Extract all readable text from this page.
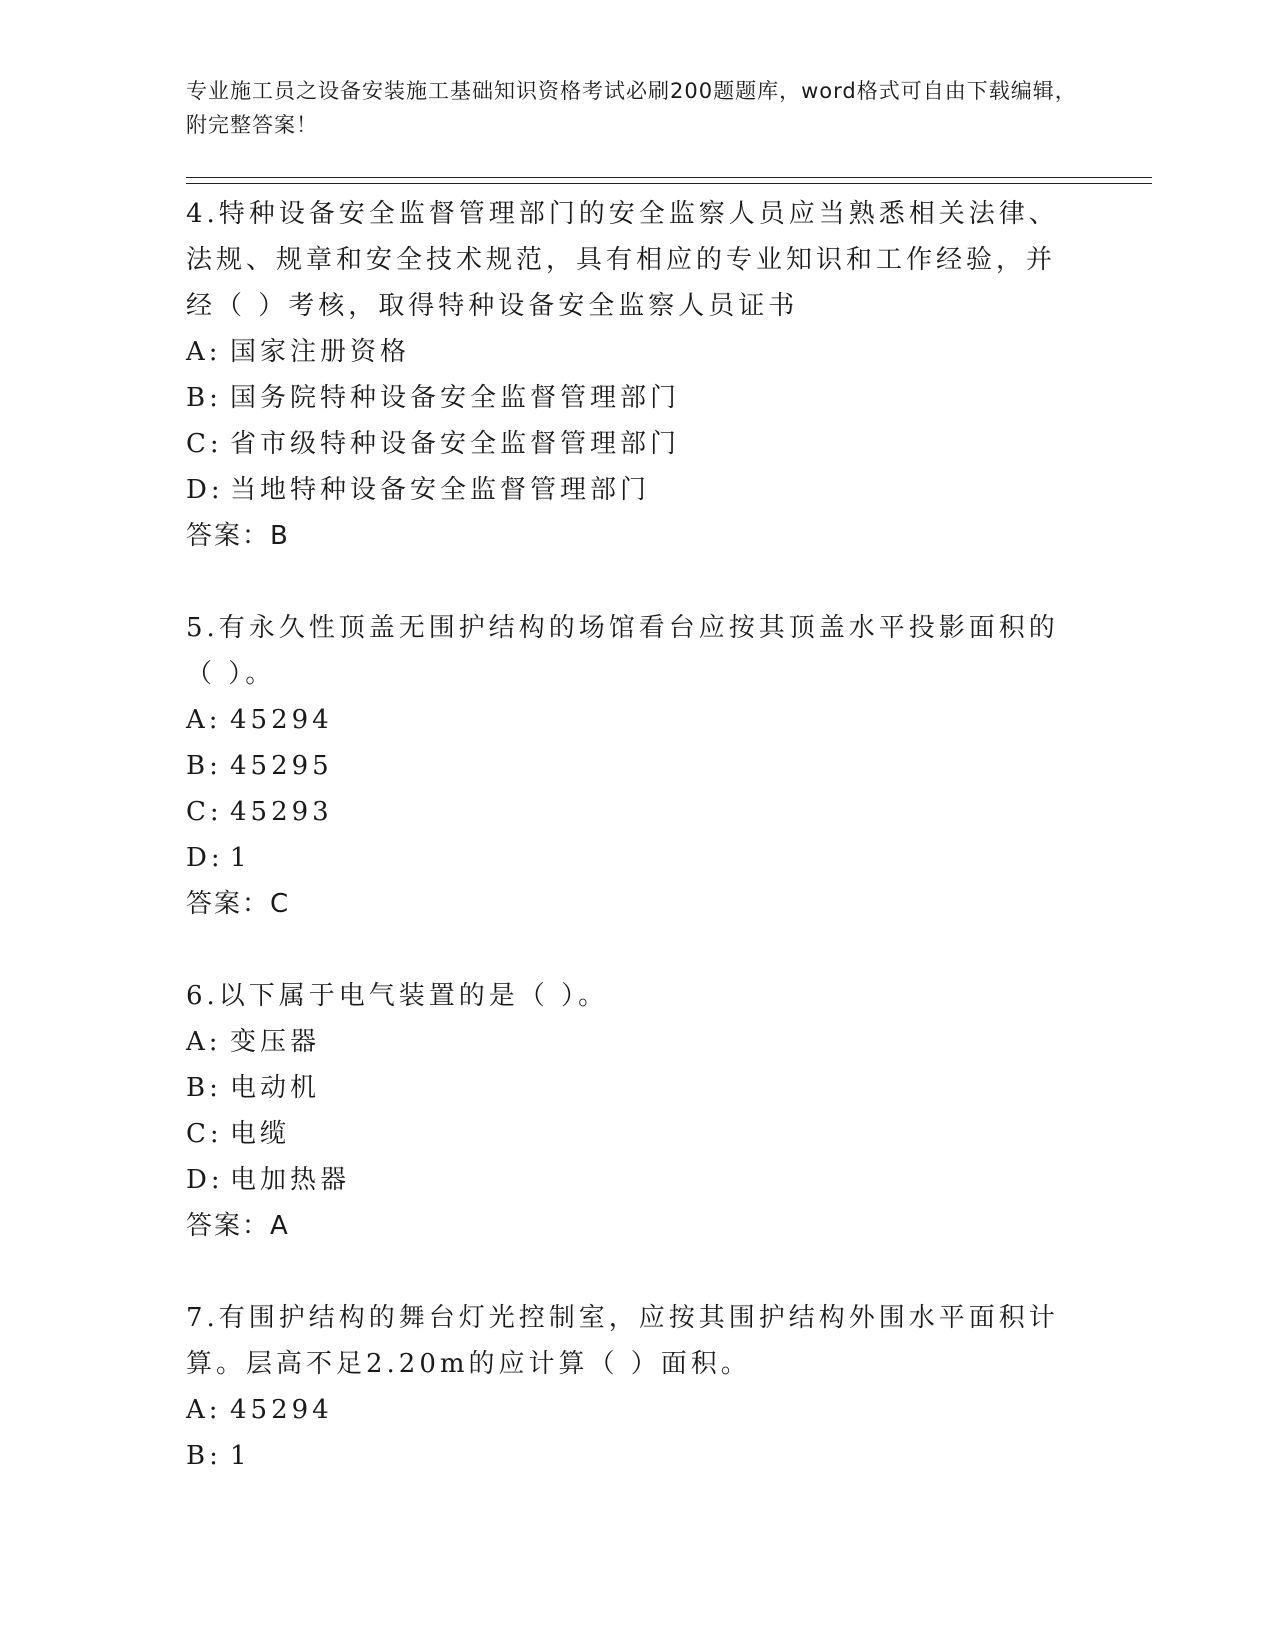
专业施工员之设备安装施工基础知识资格考试必刷200题题库，word格式可自由下载编辑，附完整答案！

4.特种设备安全监督管理部门的安全监察人员应当熟悉相关法律、法规、规章和安全技术规范，具有相应的专业知识和工作经验，并经（ ）考核，取得特种设备安全监察人员证书

A: 国家注册资格

B: 国务院特种设备安全监督管理部门

C: 省市级特种设备安全监督管理部门

D: 当地特种设备安全监督管理部门

答案：B

5.有永久性顶盖无围护结构的场馆看台应按其顶盖水平投影面积的（ ）。

A: 45294

B: 45295

C: 45293

D: 1

答案：C

6.以下属于电气装置的是（ ）。

A: 变压器

B: 电动机

C: 电缆

D: 电加热器

答案：A

7.有围护结构的舞台灯光控制室，应按其围护结构外围水平面积计算。层高不足2.20m的应计算（ ）面积。

A: 45294

B: 1
